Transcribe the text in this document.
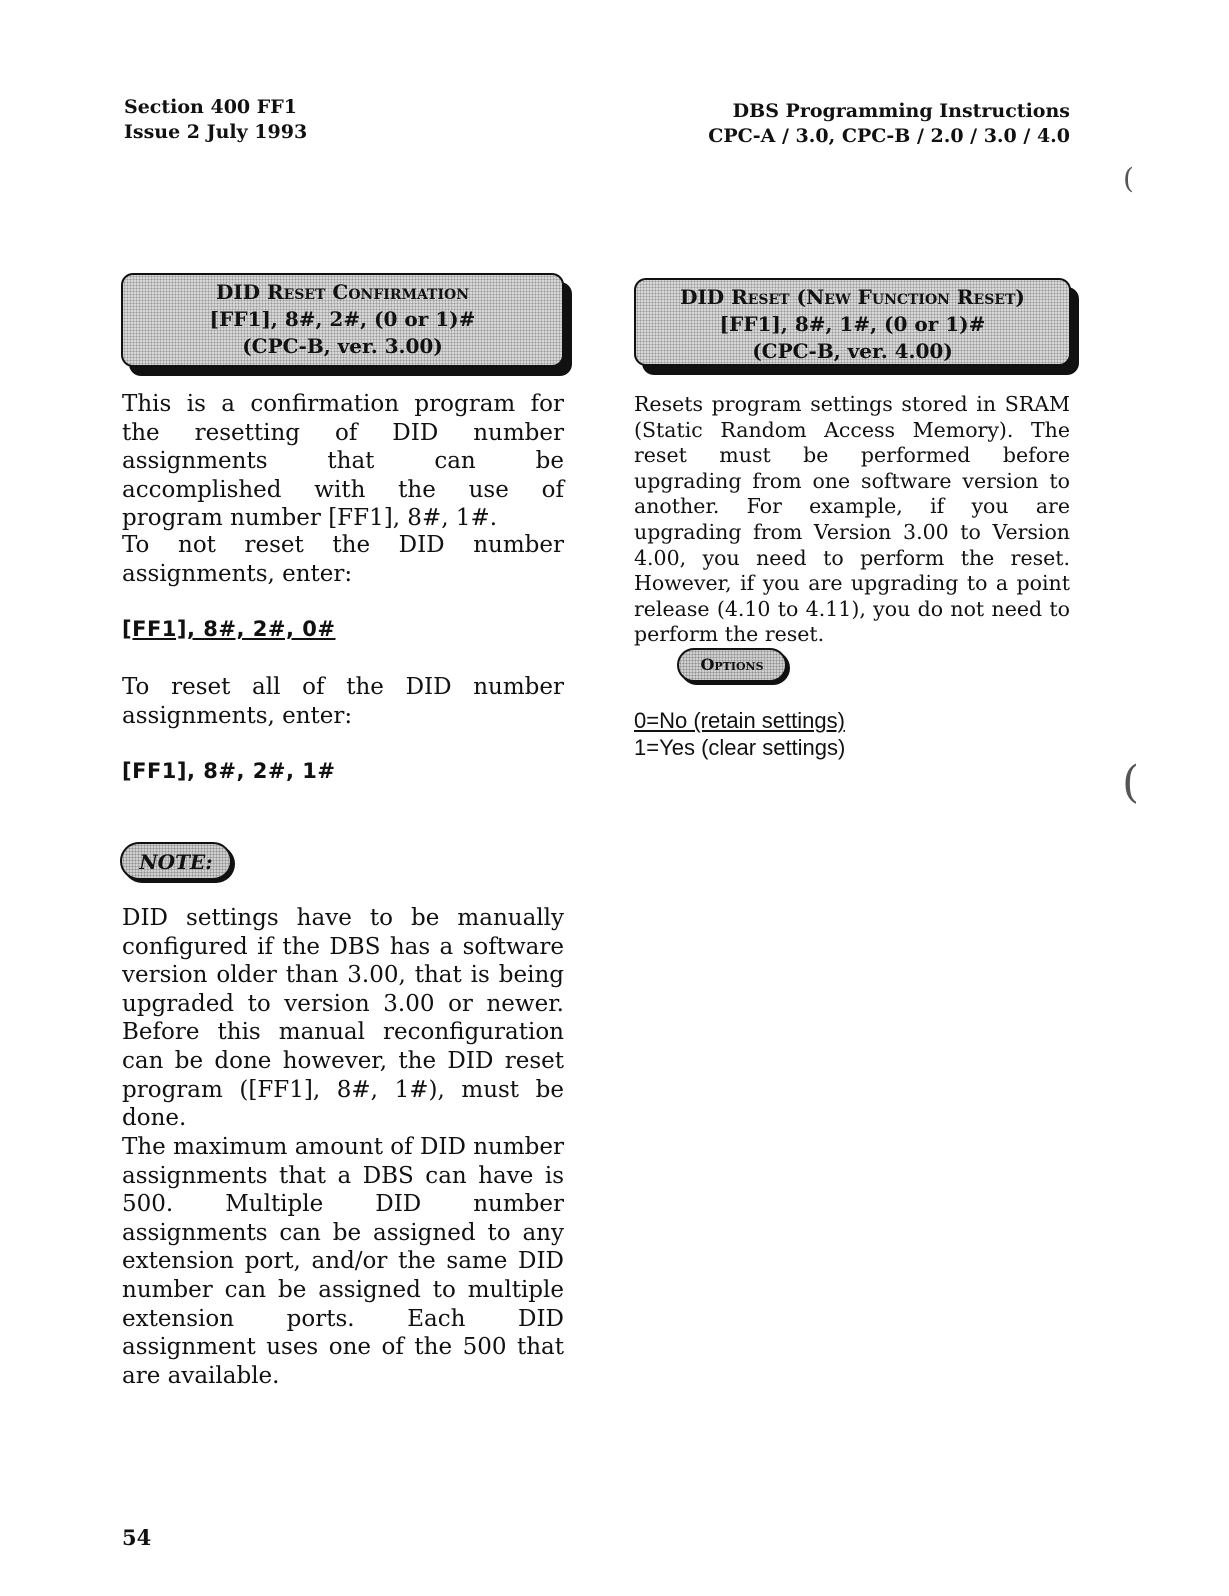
Section 400 FF1
Issue 2 July 1993
DBS Programming Instructions
CPC-A / 3.0, CPC-B / 2.0 / 3.0 / 4.0
DID Reset Confirmation
[FF1], 8#, 2#, (0 or 1)#
(CPC-B, ver. 3.00)
DID Reset (New Function Reset)
[FF1], 8#, 1#, (0 or 1)#
(CPC-B, ver. 4.00)

This is a confirmation program for the resetting of DID number assignments that can be accomplished with the use of program number [FF1], 8#, 1#.

To not reset the DID number assignments, enter:

[FF1], 8#, 2#, 0#

To reset all of the DID number assignments, enter:

[FF1], 8#, 2#, 1#
NOTE:

DID settings have to be manually configured if the DBS has a software version older than 3.00, that is being upgraded to version 3.00 or newer. Before this manual reconfiguration can be done however, the DID reset program ([FF1], 8#, 1#), must be done.

The maximum amount of DID number assignments that a DBS can have is 500. Multiple DID number assignments can be assigned to any extension port, and/or the same DID number can be assigned to multiple extension ports. Each DID assignment uses one of the 500 that are available.

Resets program settings stored in SRAM (Static Random Access Memory). The reset must be performed before upgrading from one software version to another. For example, if you are upgrading from Version 3.00 to Version 4.00, you need to perform the reset. However, if you are upgrading to a point release (4.10 to 4.11), you do not need to perform the reset.

Options
0=No (retain settings)
1=Yes (clear settings)
54
(
(
